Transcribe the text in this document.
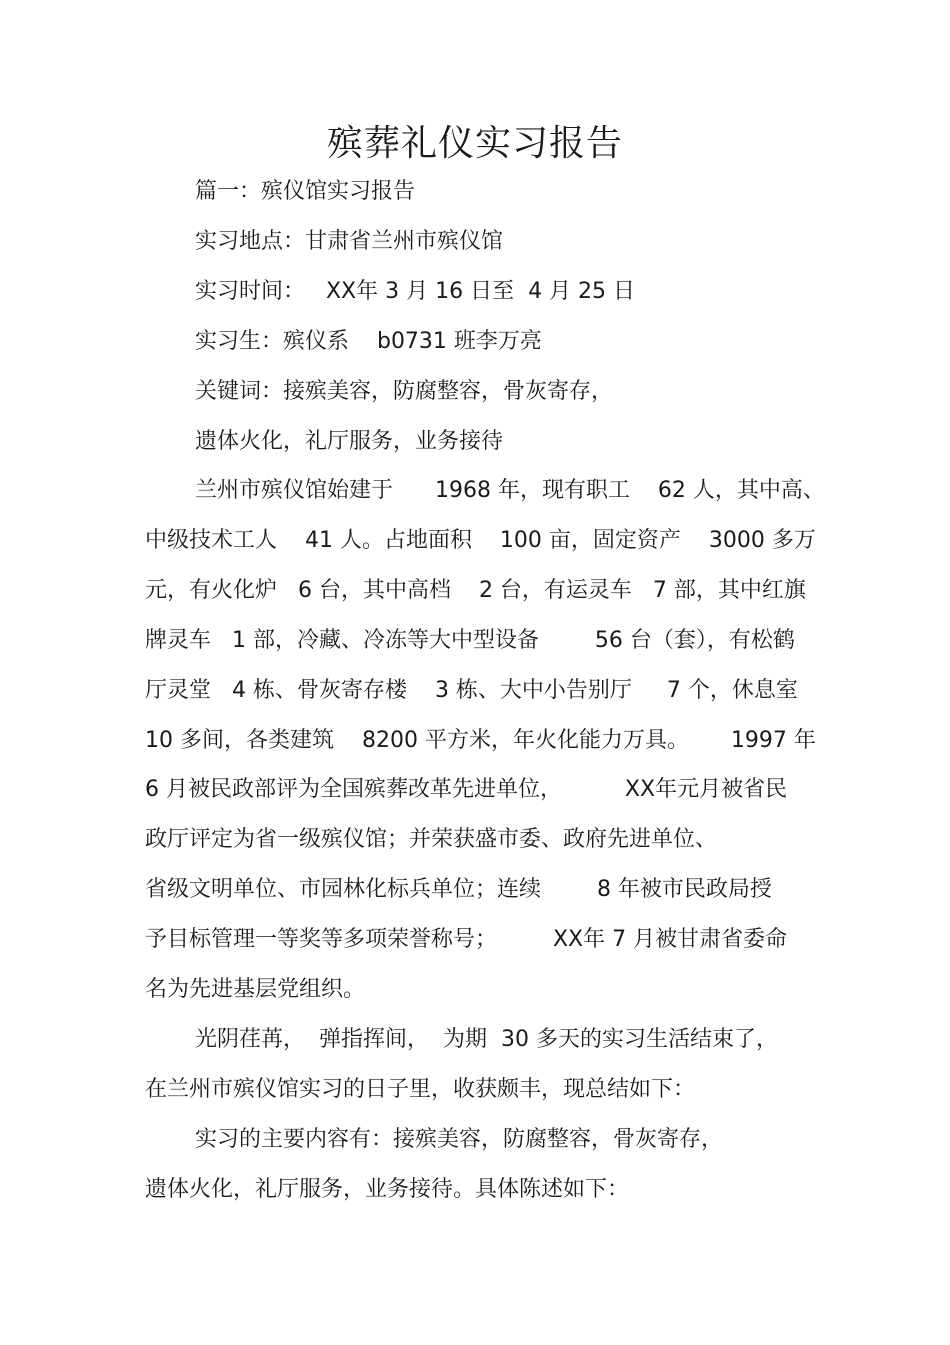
殡葬礼仪实习报告
篇一：殡仪馆实习报告
实习地点：甘肃省兰州市殡仪馆
实习时间：   XX年 3 月 16 日至  4 月 25 日
实习生：殡仪系    b0731 班李万亮
关键词：接殡美容，防腐整容，骨灰寄存，
遗体火化，礼厅服务，业务接待
兰州市殡仪馆始建于      1968 年，现有职工    62 人，其中高、
中级技术工人    41 人。占地面积    100 亩，固定资产    3000 多万
元，有火化炉   6 台，其中高档    2 台，有运灵车   7 部，其中红旗
牌灵车   1 部，冷藏、冷冻等大中型设备        56 台（套），有松鹤
厅灵堂   4 栋、骨灰寄存楼    3 栋、大中小告别厅     7 个，休息室
10 多间，各类建筑    8200 平方米，年火化能力万具。      1997 年
6 月被民政部评为全国殡葬改革先进单位，         XX年元月被省民
政厅评定为省一级殡仪馆；并荣获盛市委、政府先进单位、
省级文明单位、市园林化标兵单位；连续        8 年被市民政局授
予目标管理一等奖等多项荣誉称号；        XX年 7 月被甘肃省委命
名为先进基层党组织。
光阴荏苒，  弹指挥间，  为期  30 多天的实习生活结束了，
在兰州市殡仪馆实习的日子里，收获颇丰，现总结如下：
实习的主要内容有：接殡美容，防腐整容，骨灰寄存，
遗体火化，礼厅服务，业务接待。具体陈述如下：
